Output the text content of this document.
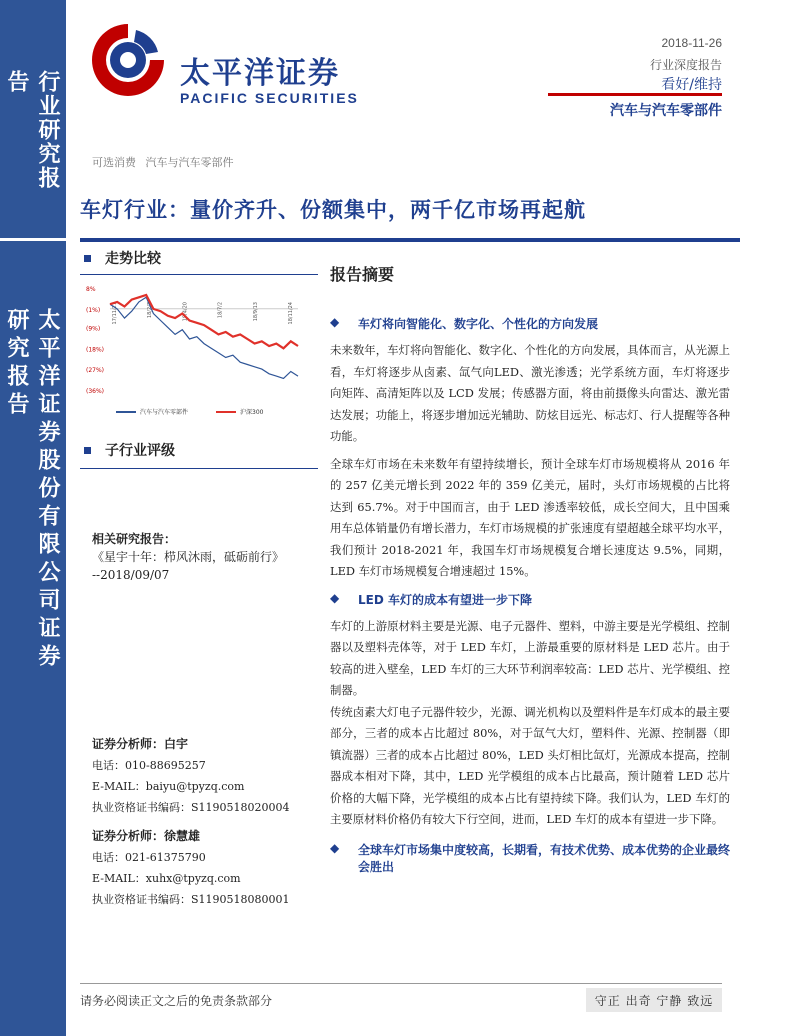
行业研究报告
太平洋证券股份有限公司证券研究报告
太平洋证券
PACIFIC SECURITIES
2018-11-26
行业深度报告
看好/维持
汽车与汽车零部件
可选消费 汽车与汽车零部件
车灯行业：量价齐升、份额集中，两千亿市场再起航
走势比较
8%
(1%)
(9%)
(18%)
(27%)
(36%)
17/11/27	18/2/7	18/4/20	18/7/2	18/9/13	18/11/24
汽车与汽车零部件	沪深300
子行业评级
相关研究报告：
《星宇十年：栉风沐雨，砥砺前行》
--2018/09/07
证券分析师：白宇
电话：010-88695257
E-MAIL：baiyu@tpyzq.com
执业资格证书编码：S1190518020004
证券分析师：徐慧雄
电话：021-61375790
E-MAIL：xuhx@tpyzq.com
执业资格证书编码：S1190518080001
报告摘要
◆	车灯将向智能化、数字化、个性化的方向发展
未来数年，车灯将向智能化、数字化、个性化的方向发展，具体而言，从光源上看，车灯将逐步从卤素、氙气向LED、激光渗透；光学系统方面，车灯将逐步向矩阵、高清矩阵以及 LCD 发展；传感器方面，将由前摄像头向雷达、激光雷达发展；功能上，将逐步增加远光辅助、防炫目远光、标志灯、行人提醒等各种功能。
全球车灯市场在未来数年有望持续增长，预计全球车灯市场规模将从 2016 年的 257 亿美元增长到 2022 年的 359 亿美元，届时，头灯市场规模的占比将达到 65.7%。对于中国而言，由于 LED 渗透率较低，成长空间大，且中国乘用车总体销量仍有增长潜力，车灯市场规模的扩张速度有望超越全球平均水平，我们预计 2018-2021 年，我国车灯市场规模复合增长速度达 9.5%，同期，LED 车灯市场规模复合增速超过 15%。
◆	LED 车灯的成本有望进一步下降
车灯的上游原材料主要是光源、电子元器件、塑料，中游主要是光学模组、控制器以及塑料壳体等，对于 LED 车灯，上游最重要的原材料是 LED 芯片。由于较高的进入壁垒，LED 车灯的三大环节利润率较高：LED 芯片、光学模组、控制器。
传统卤素大灯电子元器件较少，光源、调光机构以及塑料件是车灯成本的最主要部分，三者的成本占比超过 80%，对于氙气大灯，塑料件、光源、控制器（即镇流器）三者的成本占比超过 80%，LED 头灯相比氙灯，光源成本提高，控制器成本相对下降，其中，LED 光学模组的成本占比最高，预计随着 LED 芯片价格的大幅下降，光学模组的成本占比有望持续下降。我们认为，LED 车灯的主要原材料价格仍有较大下行空间，进而，LED 车灯的成本有望进一步下降。
◆	全球车灯市场集中度较高，长期看，有技术优势、成本优势的企业最终会胜出
请务必阅读正文之后的免责条款部分	守正 出奇 宁静 致远
